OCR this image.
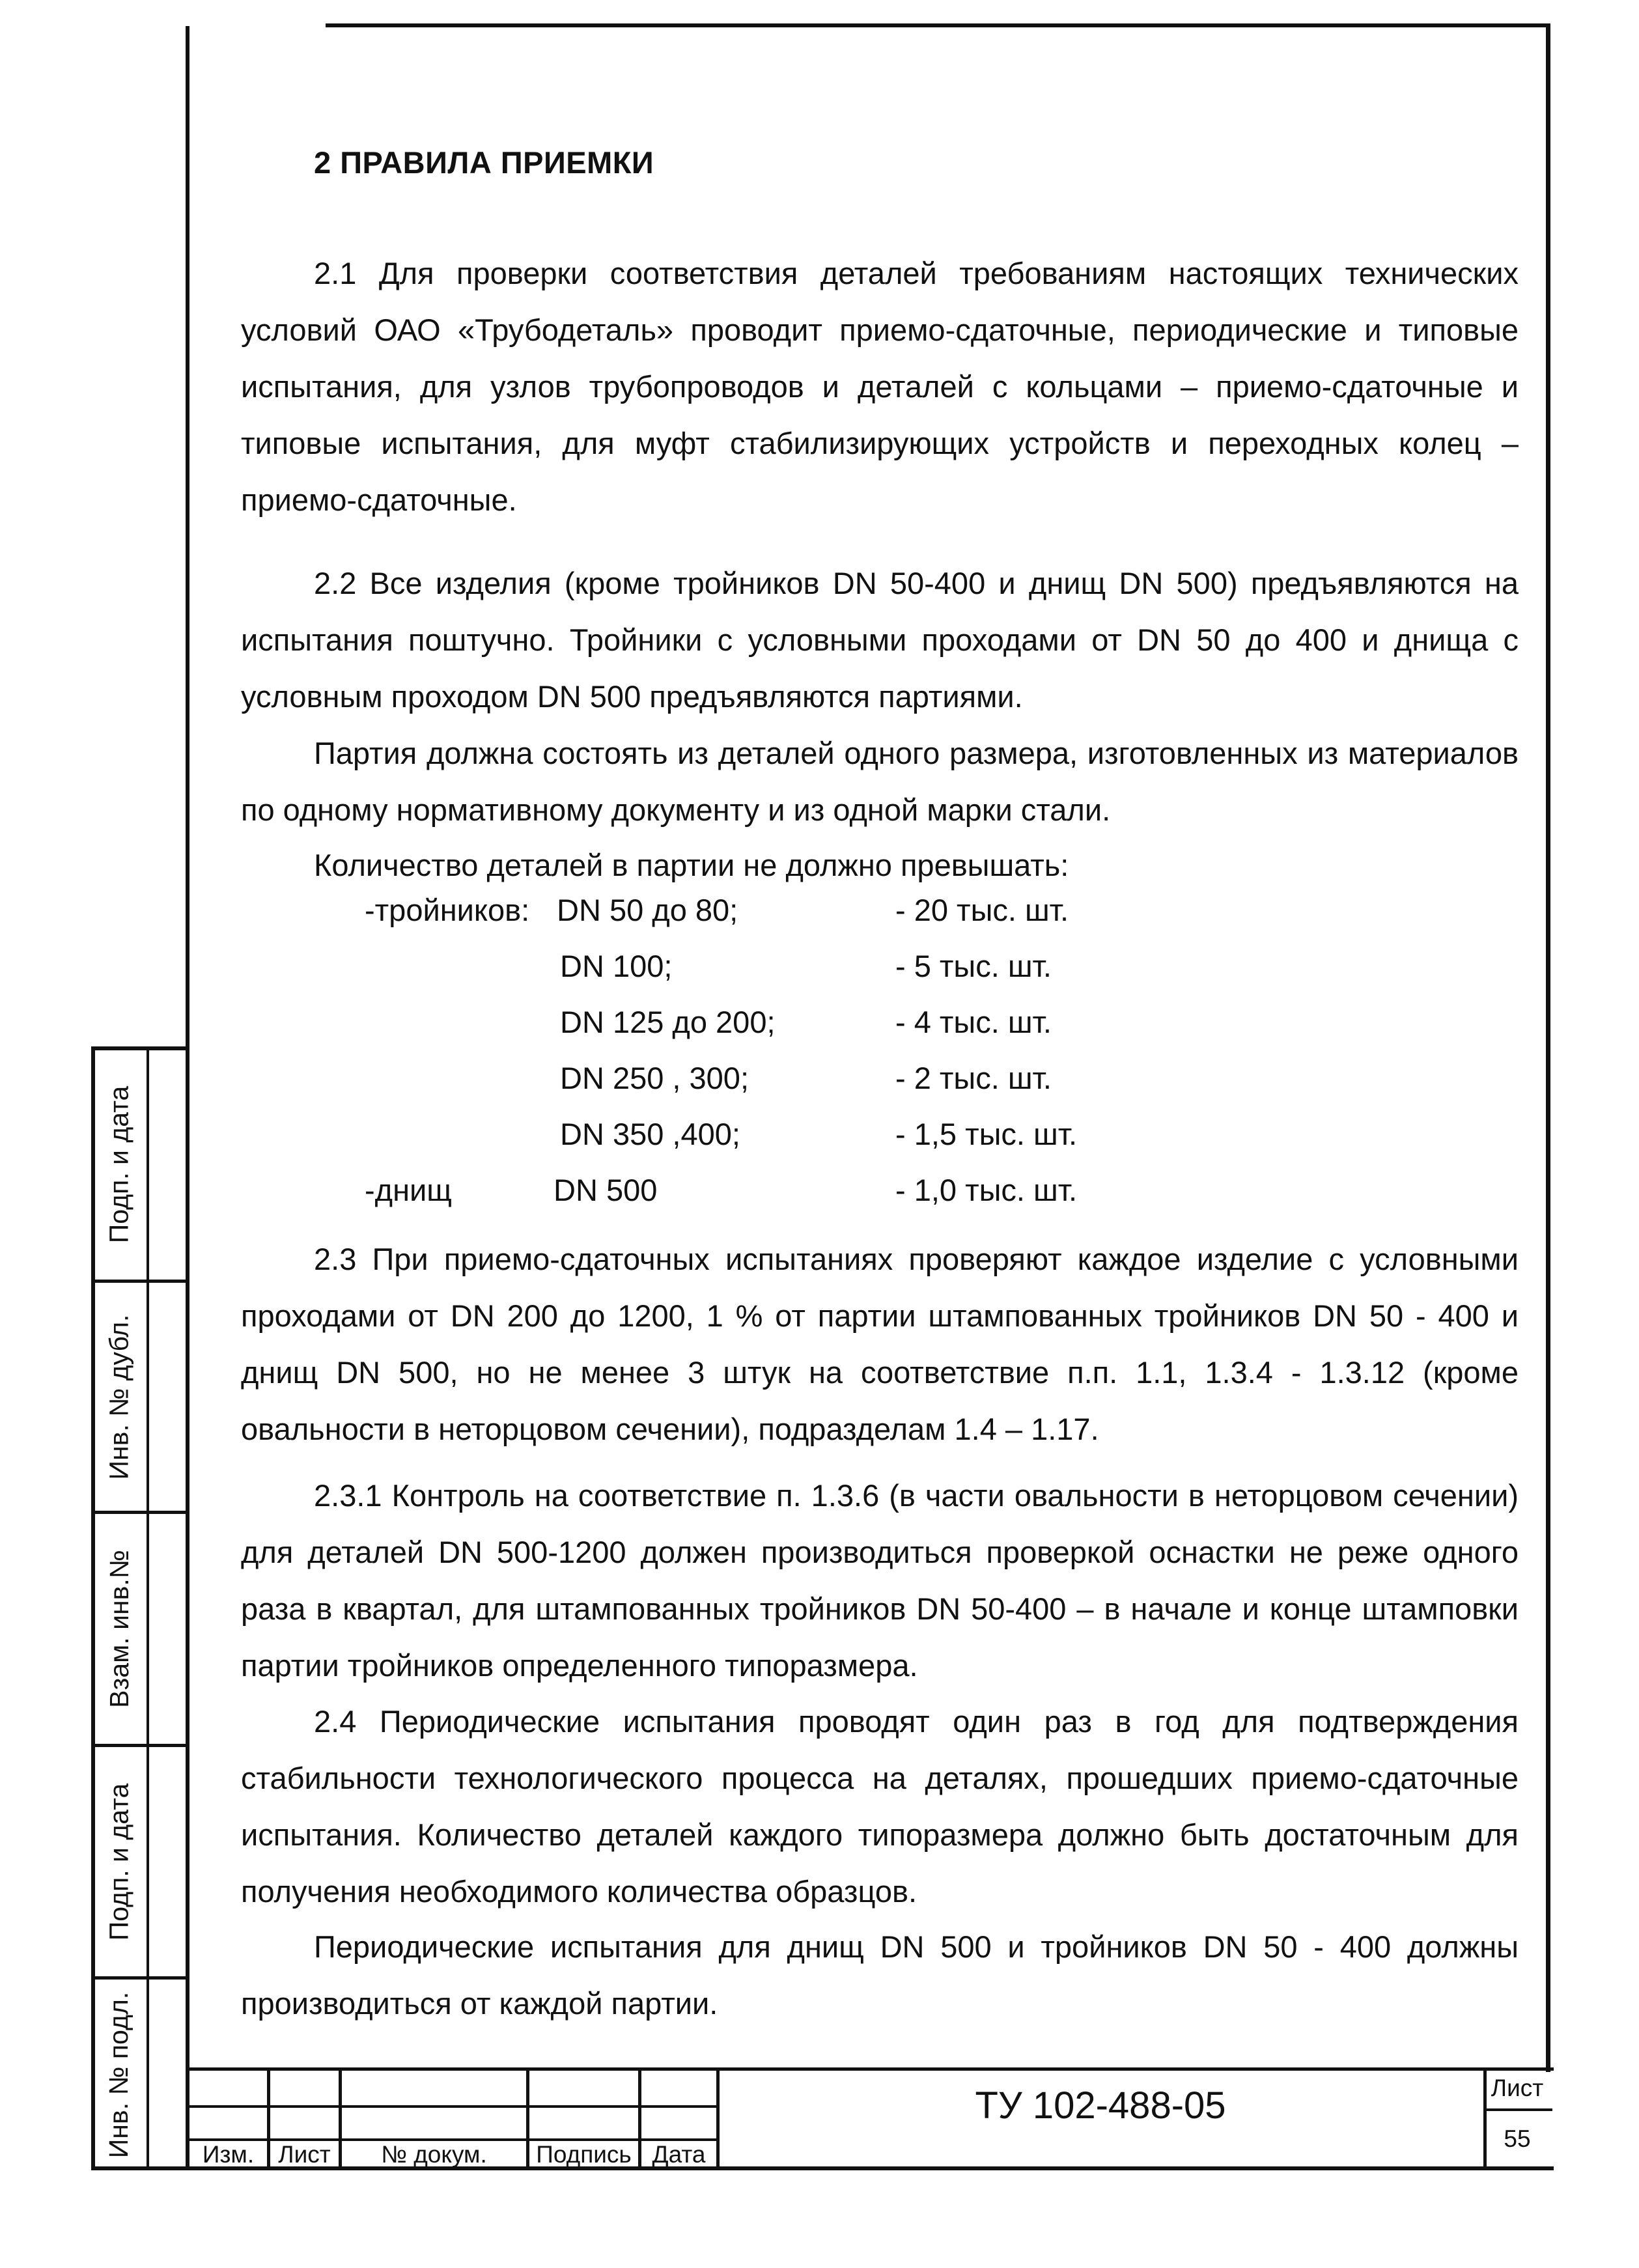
Подп. и дата
Инв. № дубл.
Взам. инв.№
Подп. и дата
Инв. № подл.
2 ПРАВИЛА ПРИЕМКИ

2.1 Для проверки соответствия деталей требованиям настоящих технических условий ОАО «Трубодеталь» проводит приемо-сдаточные, периодические и типовые испытания, для узлов трубопроводов и деталей с кольцами – приемо-сдаточные и типовые испытания, для муфт стабилизирующих устройств и переходных колец – приемо-сдаточные.

2.2 Все изделия (кроме тройников DN 50-400 и днищ DN 500) предъявляются на испытания поштучно. Тройники с условными проходами от DN 50 до 400 и днища с условным проходом DN 500 предъявляются партиями.

Партия должна состоять из деталей одного размера, изготовленных из материалов по одному нормативному документу и из одной марки стали.

Количество деталей в партии не должно превышать:

-тройников: DN 50 до 80;	- 20 тыс. шт.
DN 100;	- 5 тыс. шт.
DN 125 до 200;	- 4 тыс. шт.
DN 250 , 300;	- 2 тыс. шт.
DN 350 ,400;	- 1,5 тыс. шт.
-днищ	DN 500	- 1,0 тыс. шт.

2.3 При приемо-сдаточных испытаниях проверяют каждое изделие с условными проходами от DN 200 до 1200, 1 % от партии штампованных тройников DN 50 - 400 и днищ DN 500, но не менее 3 штук на соответствие п.п. 1.1, 1.3.4 - 1.3.12 (кроме овальности в неторцовом сечении), подразделам 1.4 – 1.17.

2.3.1 Контроль на соответствие п. 1.3.6 (в части овальности в неторцовом сечении) для деталей DN 500-1200 должен производиться проверкой оснастки не реже одного раза в квартал, для штампованных тройников DN 50-400 – в начале и конце штамповки партии тройников определенного типоразмера.

2.4 Периодические испытания проводят один раз в год для подтверждения стабильности технологического процесса на деталях, прошедших приемо-сдаточные испытания. Количество деталей каждого типоразмера должно быть достаточным для получения необходимого количества образцов.

Периодические испытания для днищ DN 500 и тройников DN 50 - 400 должны производиться от каждой партии.

Изм.	Лист	№ докум.	Подпись Дата
ТУ 102-488-05	Лист
55
